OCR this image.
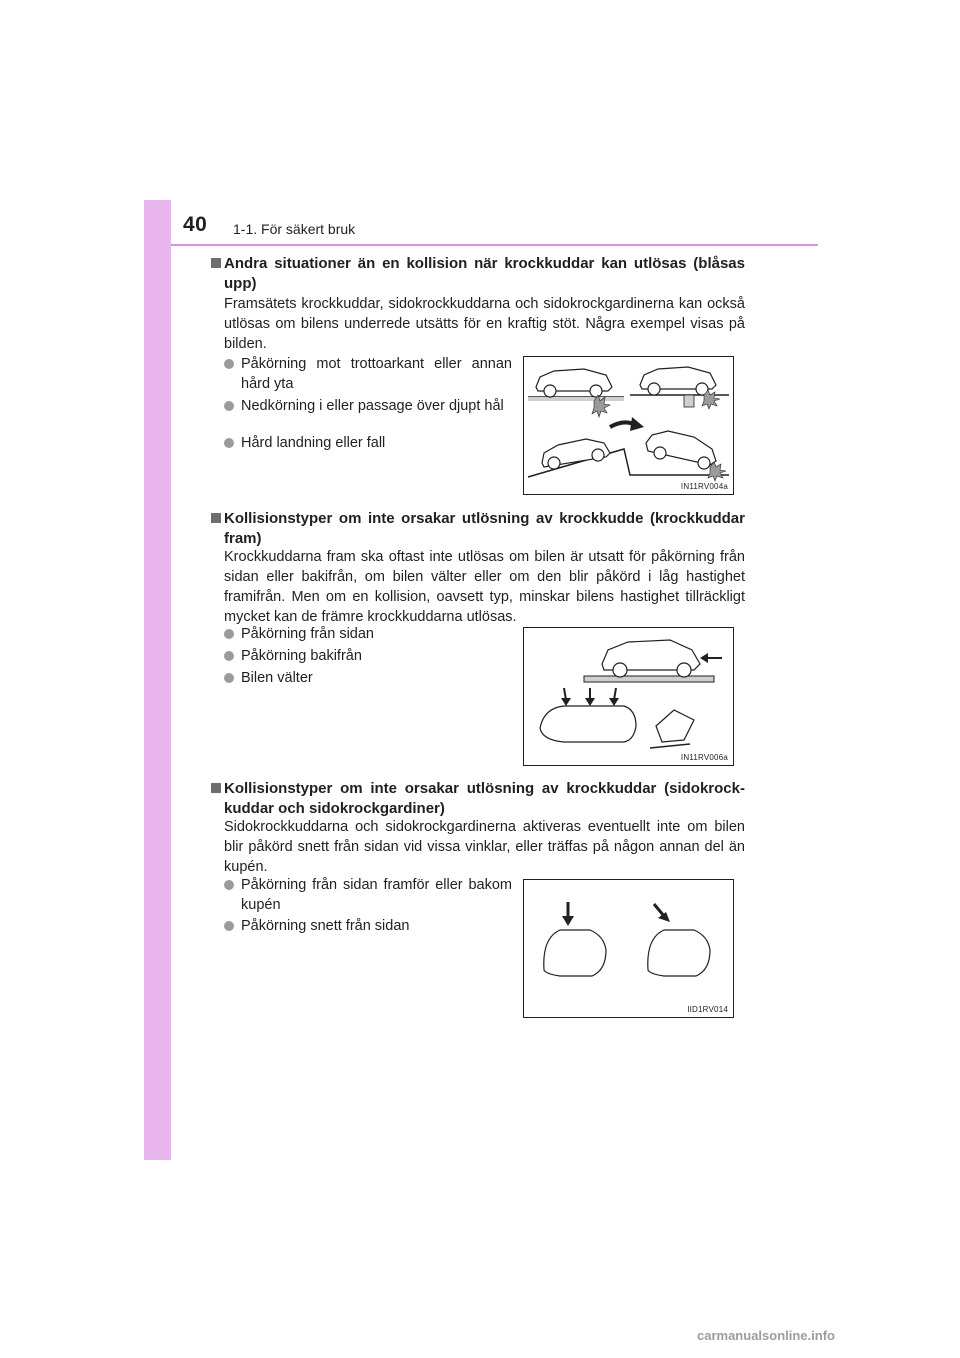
40 1-1. För säkert bruk
Andra situationer än en kollision när krockkuddar kan utlösas (blåsas upp)
Framsätets krockkuddar, sidokrockkuddarna och sidokrockgardinerna kan också utlösas om bilens underrede utsätts för en kraftig stöt. Några exempel visas på bilden.
Påkörning mot trottoarkant eller annan hård yta
Nedkörning i eller passage över djupt hål
Hård landning eller fall
IN11RV004a
Kollisionstyper om inte orsakar utlösning av krockkudde (krockkuddar fram)
Krockkuddarna fram ska oftast inte utlösas om bilen är utsatt för påkörning från sidan eller bakifrån, om bilen välter eller om den blir påkörd i låg hastighet framifrån. Men om en kollision, oavsett typ, minskar bilens hastighet tillräckligt mycket kan de främre krockkuddarna utlösas.
Påkörning från sidan
Påkörning bakifrån
Bilen välter
IN11RV006a
Kollisionstyper om inte orsakar utlösning av krockkuddar (sidokrock-kuddar och sidokrockgardiner)
Sidokrockkuddarna och sidokrockgardinerna aktiveras eventuellt inte om bilen blir påkörd snett från sidan vid vissa vinklar, eller träffas på någon annan del än kupén.
Påkörning från sidan framför eller bakom kupén
Påkörning snett från sidan
IID1RV014
carmanualsonline.info
